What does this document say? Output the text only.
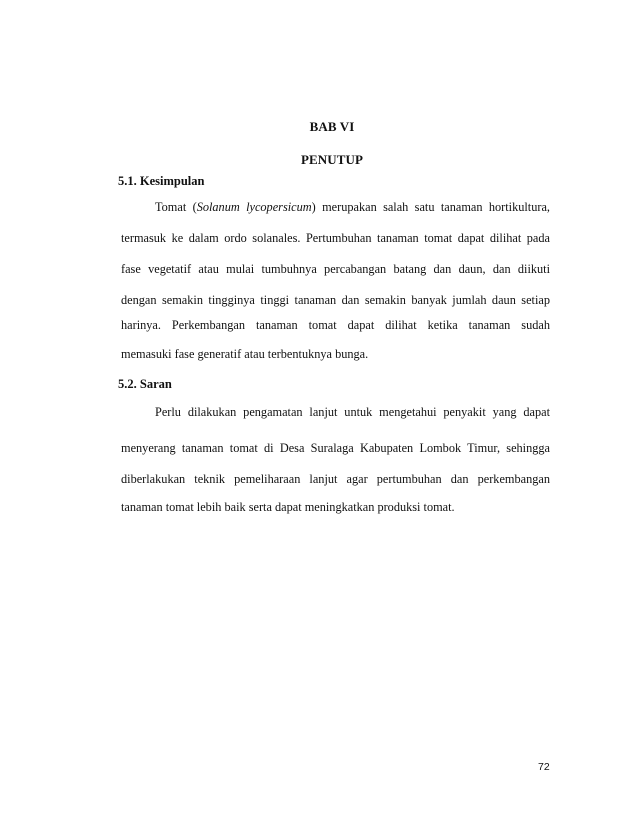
BAB VI
PENUTUP
5.1. Kesimpulan
Tomat (Solanum lycopersicum) merupakan salah satu tanaman hortikultura,
termasuk ke dalam ordo solanales. Pertumbuhan tanaman tomat dapat dilihat pada
fase vegetatif atau mulai tumbuhnya percabangan batang dan daun, dan diikuti
dengan semakin tingginya tinggi tanaman dan semakin banyak jumlah daun setiap
harinya. Perkembangan tanaman tomat dapat dilihat ketika tanaman sudah
memasuki fase generatif atau terbentuknya bunga.
5.2. Saran
Perlu dilakukan pengamatan lanjut untuk mengetahui penyakit yang dapat
menyerang tanaman tomat di Desa Suralaga Kabupaten Lombok Timur, sehingga
diberlakukan teknik pemeliharaan lanjut agar pertumbuhan dan perkembangan
tanaman tomat lebih baik serta dapat meningkatkan produksi tomat.
72
